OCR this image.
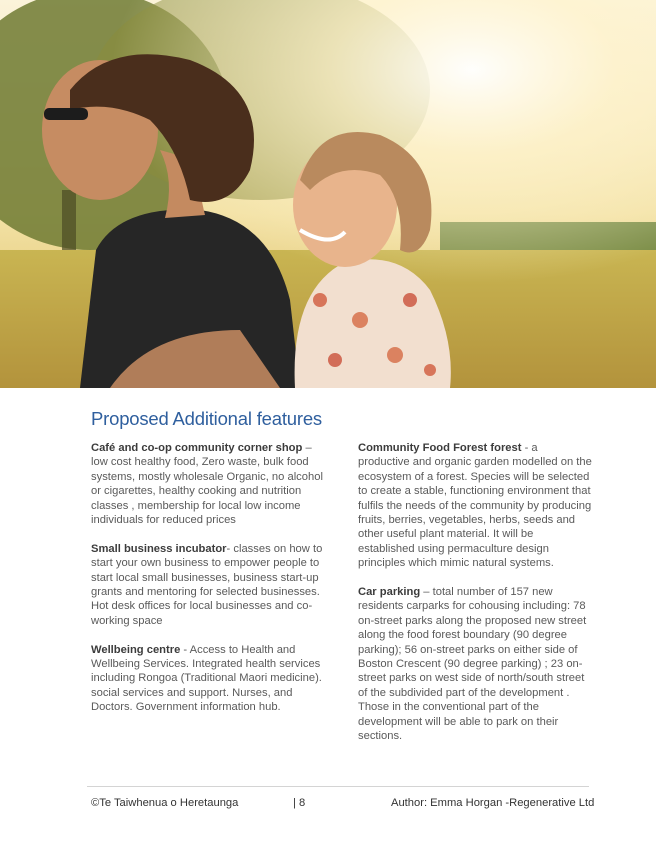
Proposed Additional features

Café and co-op community corner shop – low cost healthy food, Zero waste, bulk food systems, mostly wholesale Organic, no alcohol or cigarettes, healthy cooking and nutrition classes , membership for local low income individuals for reduced prices

Small business incubator- classes on how to start your own business to empower people to start local small businesses, business start-up grants and mentoring for selected businesses. Hot desk offices for local businesses and co-working space

Wellbeing centre - Access to Health and Wellbeing Services. Integrated health services including Rongoa (Traditional Maori medicine). social services and support. Nurses, and Doctors. Government information hub.

Community Food Forest forest - a productive and organic garden modelled on the ecosystem of a forest. Species will be selected to create a stable, functioning environment that fulfils the needs of the community by producing fruits, berries, vegetables, herbs, seeds and other useful plant material. It will be established using permaculture design principles which mimic natural systems.

Car parking – total number of 157 new residents carparks for cohousing including: 78 on-street parks along the proposed new street along the food forest boundary (90 degree parking); 56 on-street parks on either side of Boston Crescent (90 degree parking) ; 23 on-street parks on west side of north/south street of the subdivided part of the development . Those in the conventional part of the development will be able to park on their sections.

©Te Taiwhenua o Heretaunga	| 8	Author: Emma Horgan -Regenerative Ltd
